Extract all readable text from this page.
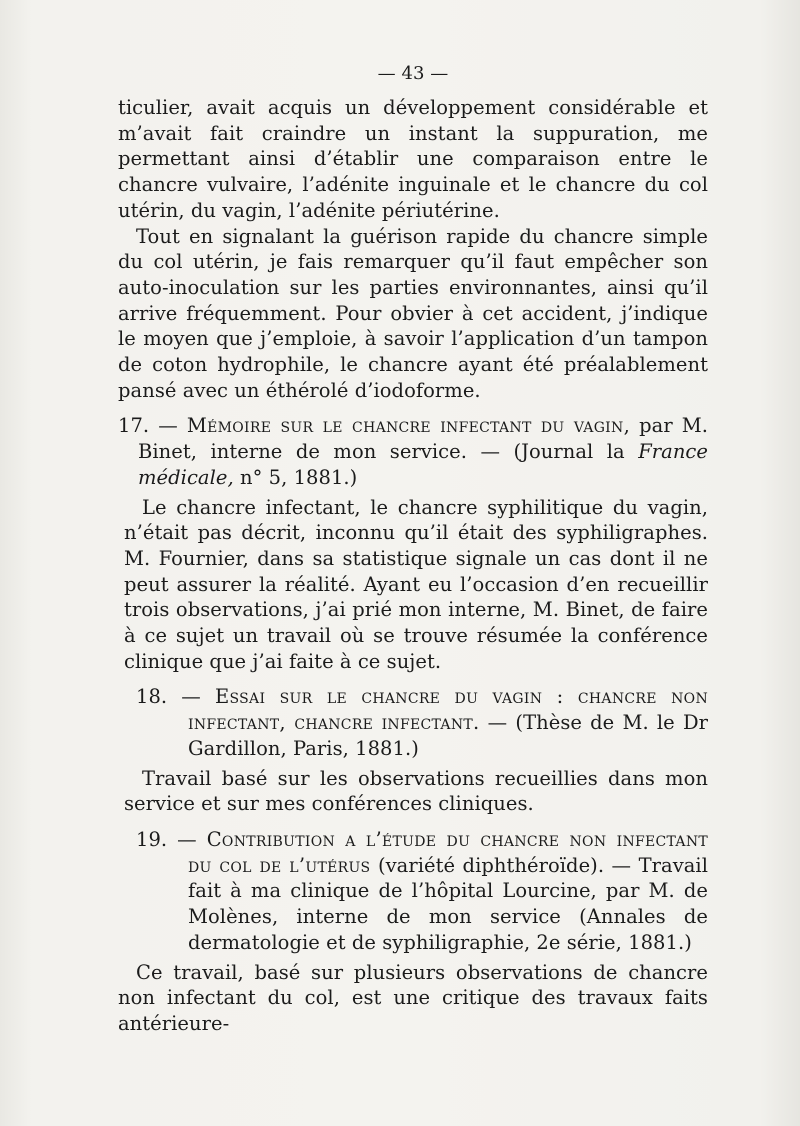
— 43 —

ticulier, avait acquis un développement considérable et m’avait fait craindre un instant la suppuration, me permettant ainsi d’établir une comparaison entre le chancre vulvaire, l’adénite inguinale et le chancre du col utérin, du vagin, l’adénite périutérine.

Tout en signalant la guérison rapide du chancre simple du col utérin, je fais remarquer qu’il faut empêcher son auto-inoculation sur les parties environnantes, ainsi qu’il arrive fréquemment. Pour obvier à cet accident, j’indique le moyen que j’emploie, à savoir l’application d’un tampon de coton hydrophile, le chancre ayant été préalablement pansé avec un éthérolé d’iodoforme.

17. — Mémoire sur le chancre infectant du vagin, par M. Binet, interne de mon service. — (Journal la France médicale, n° 5, 1881.)

Le chancre infectant, le chancre syphilitique du vagin, n’était pas décrit, inconnu qu’il était des syphiligraphes. M. Fournier, dans sa statistique signale un cas dont il ne peut assurer la réalité. Ayant eu l’occasion d’en recueillir trois observations, j’ai prié mon interne, M. Binet, de faire à ce sujet un travail où se trouve résumée la conférence clinique que j’ai faite à ce sujet.

18. — Essai sur le chancre du vagin : chancre non infectant, chancre infectant. — (Thèse de M. le Dr Gardillon, Paris, 1881.)

Travail basé sur les observations recueillies dans mon service et sur mes conférences cliniques.

19. — Contribution a l’étude du chancre non infectant du col de l’utérus (variété diphthéroïde). — Travail fait à ma clinique de l’hôpital Lourcine, par M. de Molènes, interne de mon service (Annales de dermatologie et de syphiligraphie, 2e série, 1881.)

Ce travail, basé sur plusieurs observations de chancre non infectant du col, est une critique des travaux faits antérieure-
